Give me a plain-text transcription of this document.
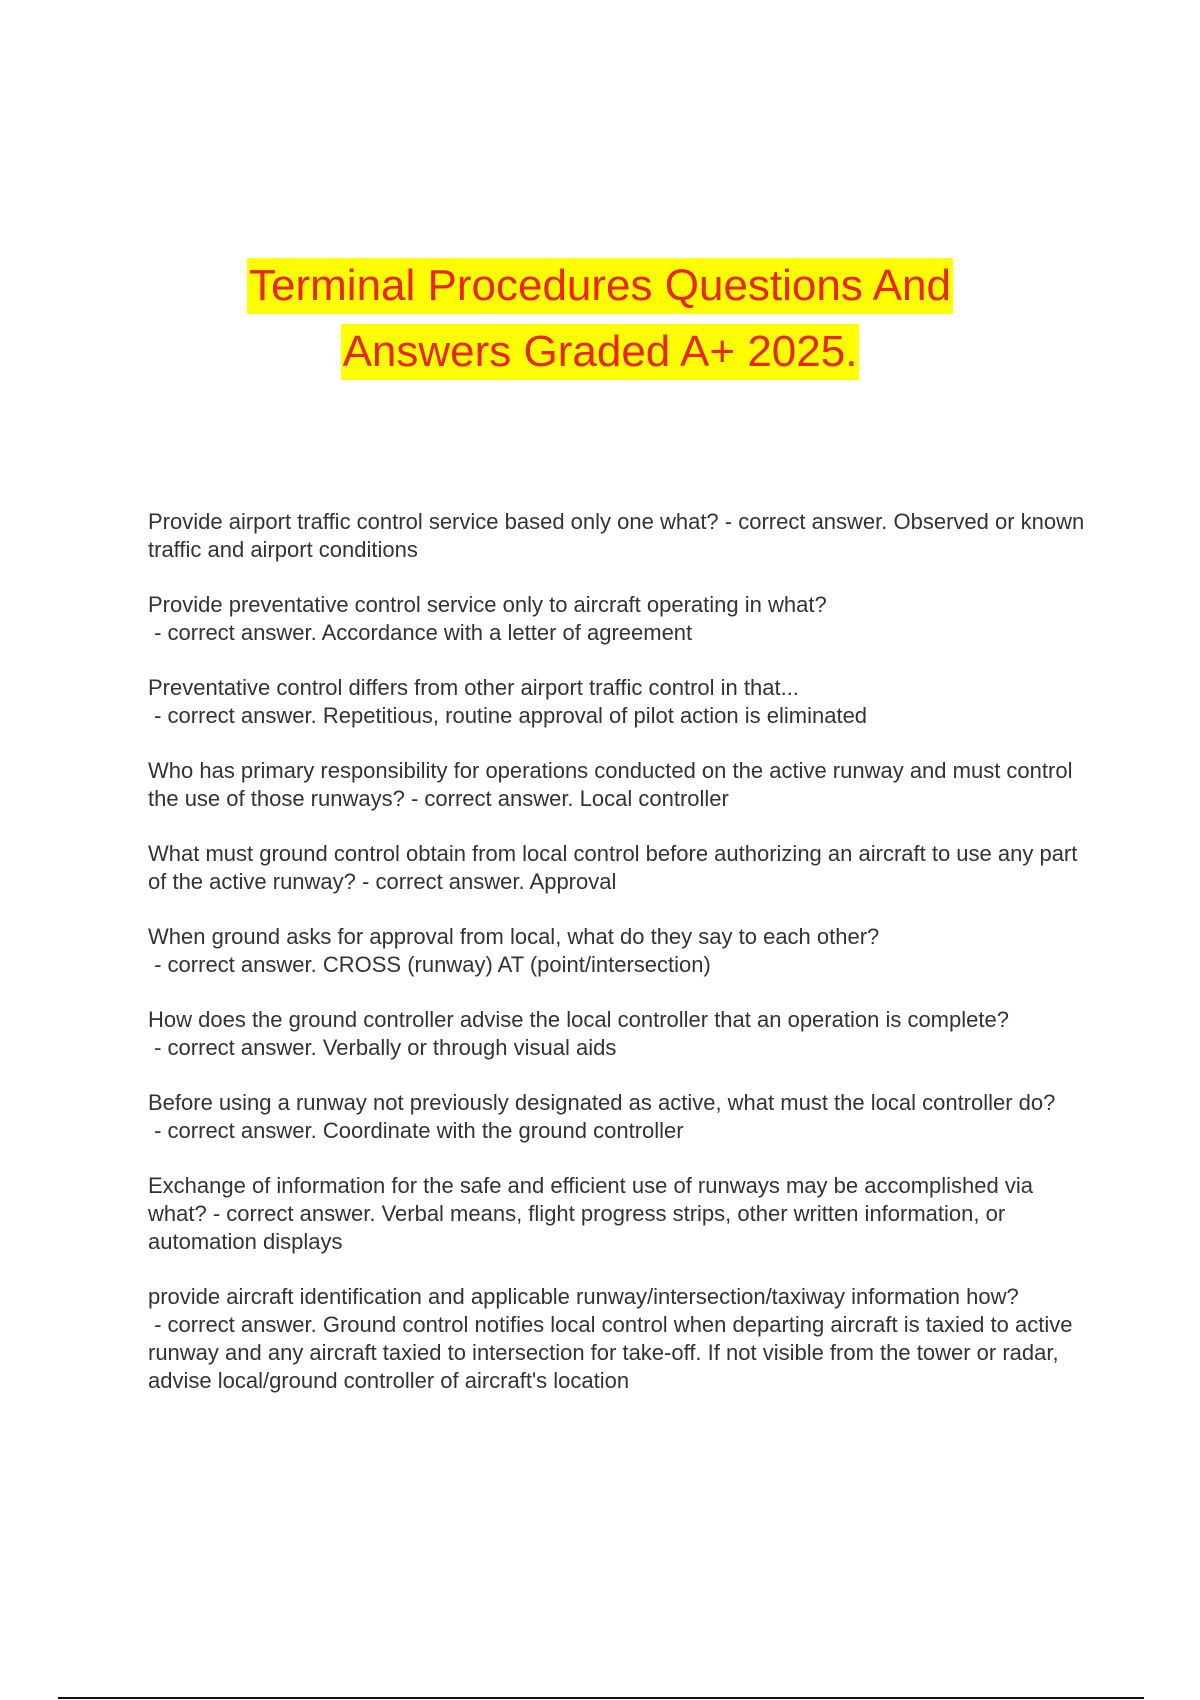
Terminal Procedures Questions And
Answers Graded A+ 2025.

Provide airport traffic control service based only one what? - correct answer. Observed or known traffic and airport conditions

Provide preventative control service only to aircraft operating in what? - correct answer. Accordance with a letter of agreement

Preventative control differs from other airport traffic control in that... - correct answer. Repetitious, routine approval of pilot action is eliminated

Who has primary responsibility for operations conducted on the active runway and must control the use of those runways? - correct answer. Local controller

What must ground control obtain from local control before authorizing an aircraft to use any part of the active runway? - correct answer. Approval

When ground asks for approval from local, what do they say to each other? - correct answer. CROSS (runway) AT (point/intersection)

How does the ground controller advise the local controller that an operation is complete? - correct answer. Verbally or through visual aids

Before using a runway not previously designated as active, what must the local controller do? - correct answer. Coordinate with the ground controller

Exchange of information for the safe and efficient use of runways may be accomplished via what? - correct answer. Verbal means, flight progress strips, other written information, or automation displays

provide aircraft identification and applicable runway/intersection/taxiway information how? - correct answer. Ground control notifies local control when departing aircraft is taxied to active runway and any aircraft taxied to intersection for take-off. If not visible from the tower or radar, advise local/ground controller of aircraft's location
